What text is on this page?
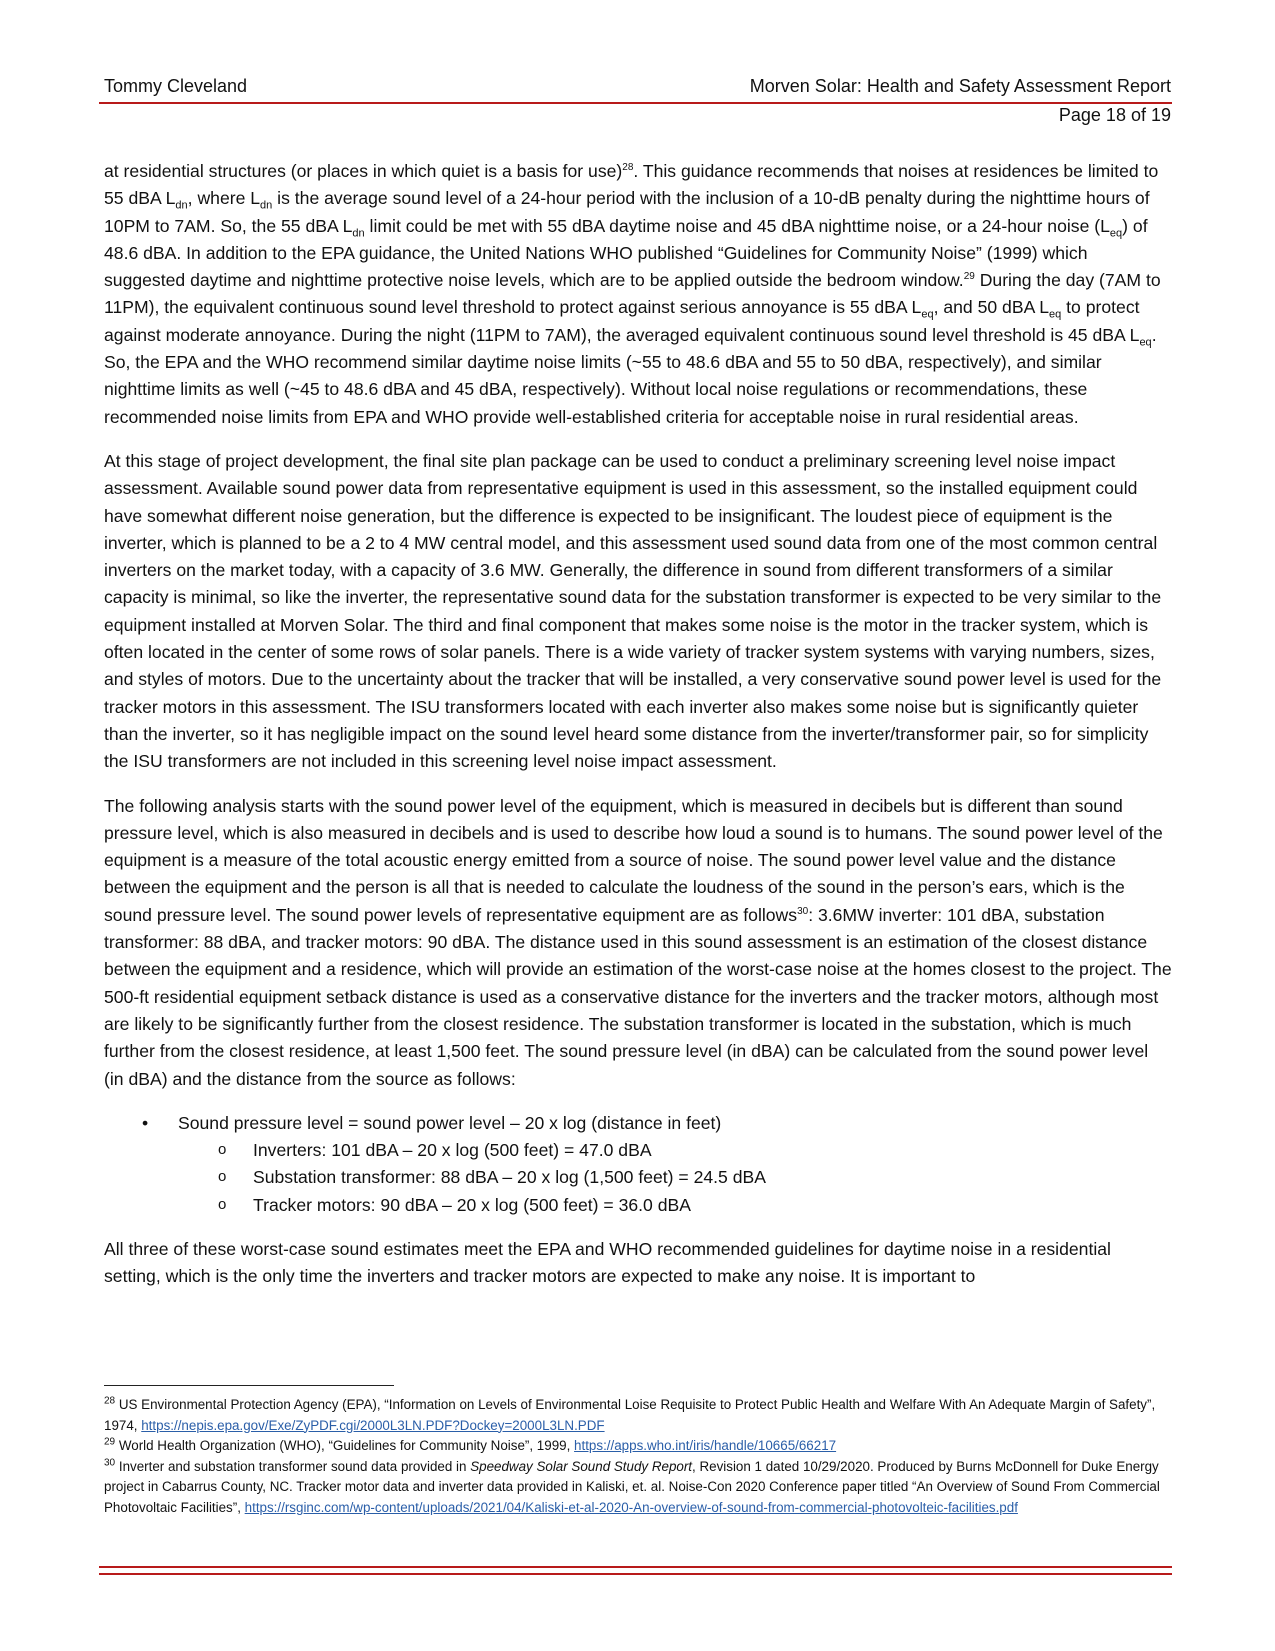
Tommy Cleveland	Morven Solar: Health and Safety Assessment Report
Page 18 of 19

at residential structures (or places in which quiet is a basis for use)$^{28}$. This guidance recommends that noises at residences be limited to 55 dBA $L_{dn}$, where $L_{dn}$ is the average sound level of a 24-hour period with the inclusion of a 10-dB penalty during the nighttime hours of 10PM to 7AM. So, the 55 dBA $L_{dn}$ limit could be met with 55 dBA daytime noise and 45 dBA nighttime noise, or a 24-hour noise $(L_{eq})$ of 48.6 dBA. In addition to the EPA guidance, the United Nations WHO published “Guidelines for Community Noise” (1999) which suggested daytime and nighttime protective noise levels, which are to be applied outside the bedroom window.$^{29}$ During the day (7AM to 11PM), the equivalent continuous sound level threshold to protect against serious annoyance is 55 dBA $L_{eq}$, and 50 dBA $L_{eq}$ to protect against moderate annoyance. During the night (11PM to 7AM), the averaged equivalent continuous sound level threshold is 45 dBA $L_{eq}$. So, the EPA and the WHO recommend similar daytime noise limits (~55 to 48.6 dBA and 55 to 50 dBA, respectively), and similar nighttime limits as well (~45 to 48.6 dBA and 45 dBA, respectively). Without local noise regulations or recommendations, these recommended noise limits from EPA and WHO provide well-established criteria for acceptable noise in rural residential areas.

At this stage of project development, the final site plan package can be used to conduct a preliminary screening level noise impact assessment. Available sound power data from representative equipment is used in this assessment, so the installed equipment could have somewhat different noise generation, but the difference is expected to be insignificant. The loudest piece of equipment is the inverter, which is planned to be a 2 to 4 MW central model, and this assessment used sound data from one of the most common central inverters on the market today, with a capacity of 3.6 MW. Generally, the difference in sound from different transformers of a similar capacity is minimal, so like the inverter, the representative sound data for the substation transformer is expected to be very similar to the equipment installed at Morven Solar. The third and final component that makes some noise is the motor in the tracker system, which is often located in the center of some rows of solar panels. There is a wide variety of tracker system systems with varying numbers, sizes, and styles of motors. Due to the uncertainty about the tracker that will be installed, a very conservative sound power level is used for the tracker motors in this assessment. The ISU transformers located with each inverter also makes some noise but is significantly quieter than the inverter, so it has negligible impact on the sound level heard some distance from the inverter/transformer pair, so for simplicity the ISU transformers are not included in this screening level noise impact assessment.

The following analysis starts with the sound power level of the equipment, which is measured in decibels but is different than sound pressure level, which is also measured in decibels and is used to describe how loud a sound is to humans. The sound power level of the equipment is a measure of the total acoustic energy emitted from a source of noise. The sound power level value and the distance between the equipment and the person is all that is needed to calculate the loudness of the sound in the person’s ears, which is the sound pressure level. The sound power levels of representative equipment are as follows$^{30}$: 3.6MW inverter: 101 dBA, substation transformer: 88 dBA, and tracker motors: 90 dBA. The distance used in this sound assessment is an estimation of the closest distance between the equipment and a residence, which will provide an estimation of the worst-case noise at the homes closest to the project. The 500-ft residential equipment setback distance is used as a conservative distance for the inverters and the tracker motors, although most are likely to be significantly further from the closest residence. The substation transformer is located in the substation, which is much further from the closest residence, at least 1,500 feet. The sound pressure level (in dBA) can be calculated from the sound power level (in dBA) and the distance from the source as follows:

• Sound pressure level = sound power level – 20 x log (distance in feet)
o Inverters: 101 dBA – 20 x log (500 feet) = 47.0 dBA
o Substation transformer: 88 dBA – 20 x log (1,500 feet) = 24.5 dBA
o Tracker motors: 90 dBA – 20 x log (500 feet) = 36.0 dBA

All three of these worst-case sound estimates meet the EPA and WHO recommended guidelines for daytime noise in a residential setting, which is the only time the inverters and tracker motors are expected to make any noise. It is important to

$^{28}$ US Environmental Protection Agency (EPA), “Information on Levels of Environmental Loise Requisite to Protect Public Health and Welfare With An Adequate Margin of Safety”, 1974, https://nepis.epa.gov/Exe/ZyPDF.cgi/2000L3LN.PDF?Dockey=2000L3LN.PDF

$^{29}$ World Health Organization (WHO), “Guidelines for Community Noise”, 1999, https://apps.who.int/iris/handle/10665/66217

$^{30}$ Inverter and substation transformer sound data provided in Speedway Solar Sound Study Report, Revision 1 dated 10/29/2020. Produced by Burns McDonnell for Duke Energy project in Cabarrus County, NC. Tracker motor data and inverter data provided in Kaliski, et. al. Noise-Con 2020 Conference paper titled “An Overview of Sound From Commercial Photovoltaic Facilities”, https://rsginc.com/wp-content/uploads/2021/04/Kaliski-et-al-2020-An-overview-of-sound-from-commercial-photovolteic-facilities.pdf
